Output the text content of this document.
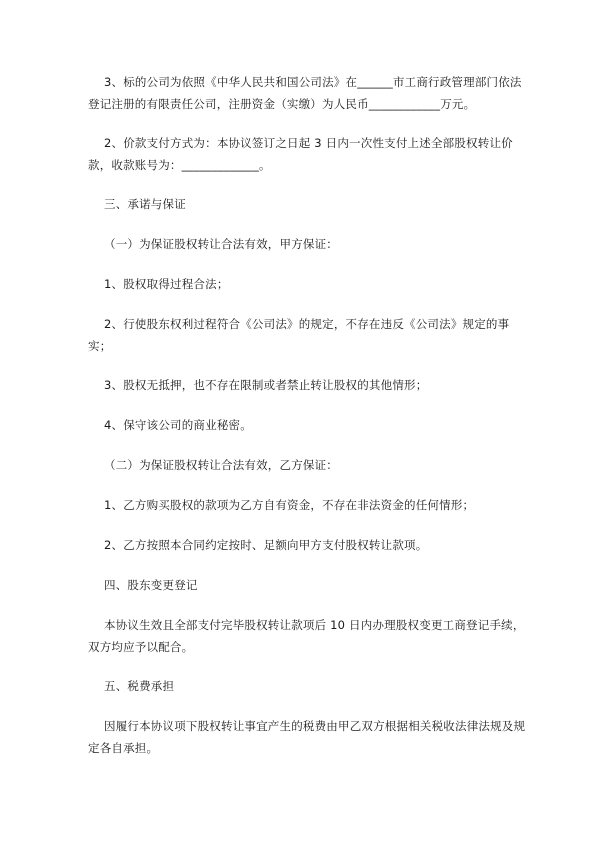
3、标的公司为依照《中华人民共和国公司法》在______市工商行政管理部门依法登记注册的有限责任公司，注册资金（实缴）为人民币____________万元。

2、价款支付方式为：本协议签订之日起 3 日内一次性支付上述全部股权转让价款，收款账号为：_____________。

三、承诺与保证

（一）为保证股权转让合法有效，甲方保证：

1、股权取得过程合法；

2、行使股东权利过程符合《公司法》的规定，不存在违反《公司法》规定的事实；

3、股权无抵押，也不存在限制或者禁止转让股权的其他情形；

4、保守该公司的商业秘密。

（二）为保证股权转让合法有效，乙方保证：

1、乙方购买股权的款项为乙方自有资金，不存在非法资金的任何情形；

2、乙方按照本合同约定按时、足额向甲方支付股权转让款项。

四、股东变更登记

本协议生效且全部支付完毕股权转让款项后 10 日内办理股权变更工商登记手续，双方均应予以配合。

五、税费承担

因履行本协议项下股权转让事宜产生的税费由甲乙双方根据相关税收法律法规及规定各自承担。
